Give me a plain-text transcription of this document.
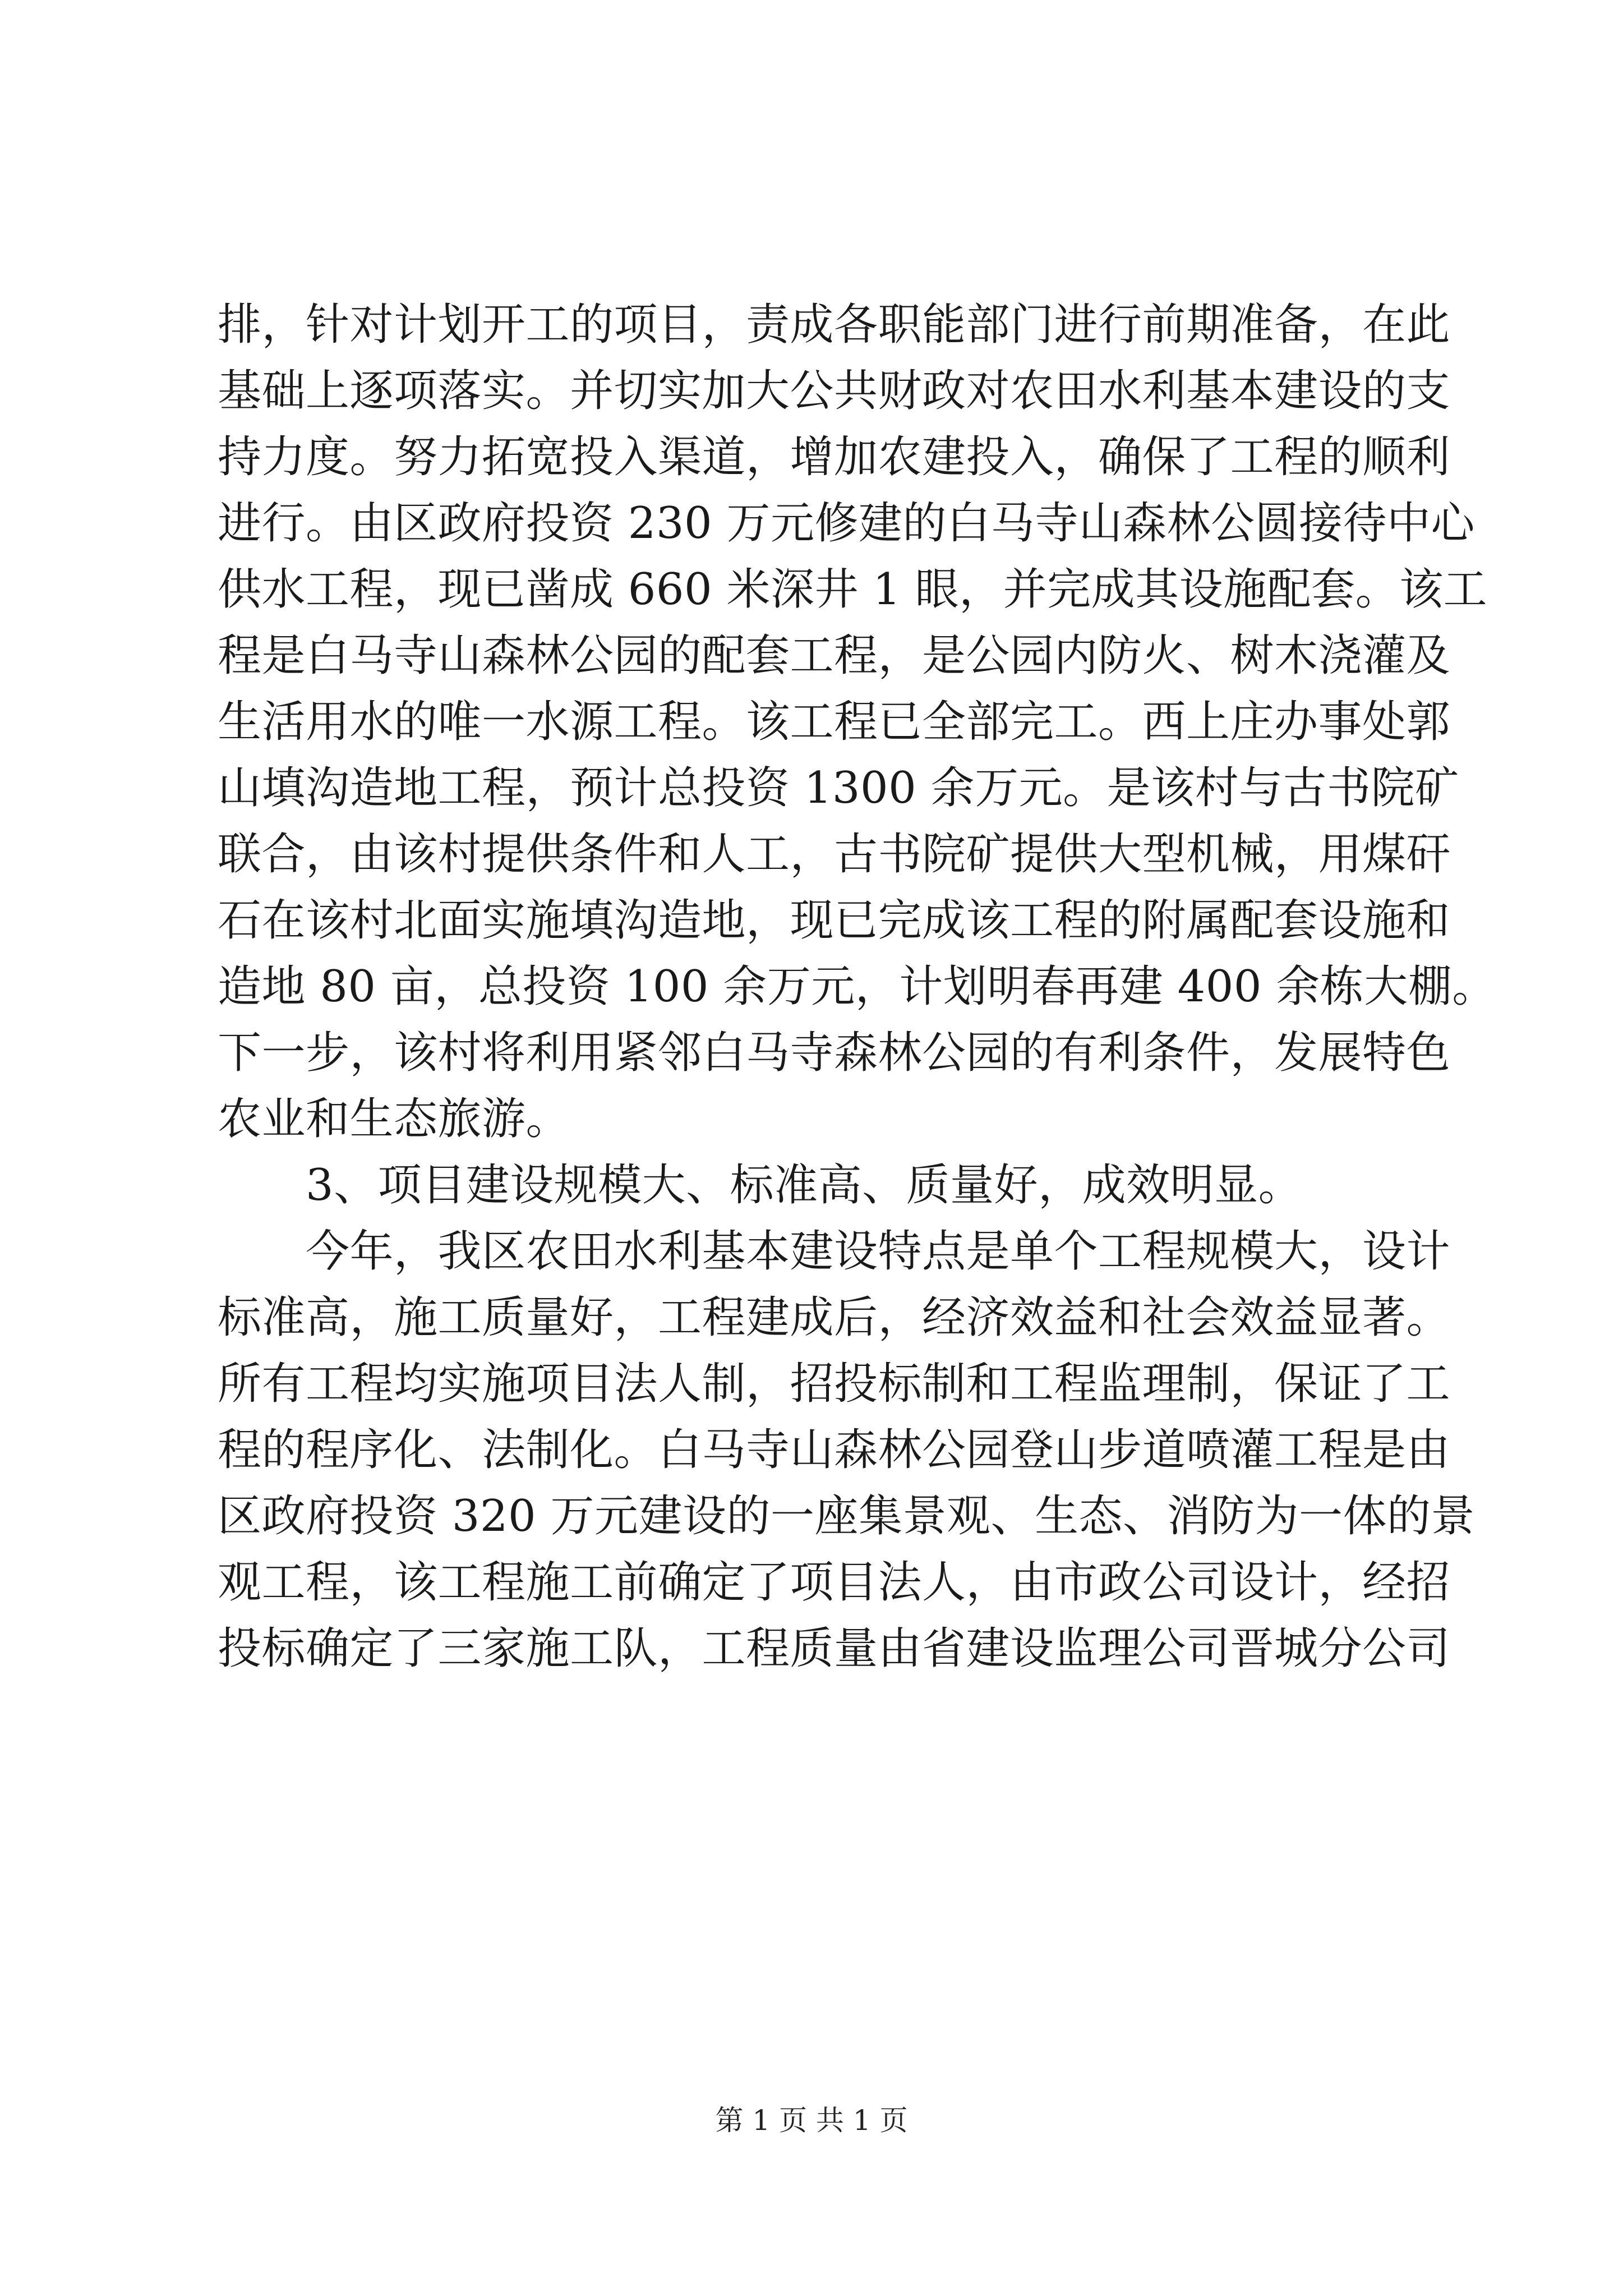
排，针对计划开工的项目，责成各职能部门进行前期准备，在此
基础上逐项落实。并切实加大公共财政对农田水利基本建设的支
持力度。努力拓宽投入渠道，增加农建投入，确保了工程的顺利
进行。由区政府投资 230 万元修建的白马寺山森林公圆接待中心
供水工程，现已凿成 660 米深井 1 眼，并完成其设施配套。该工
程是白马寺山森林公园的配套工程，是公园内防火、树木浇灌及
生活用水的唯一水源工程。该工程已全部完工。西上庄办事处郭
山填沟造地工程，预计总投资 1300 余万元。是该村与古书院矿
联合，由该村提供条件和人工，古书院矿提供大型机械，用煤矸
石在该村北面实施填沟造地，现已完成该工程的附属配套设施和
造地 80 亩，总投资 100 余万元，计划明春再建 400 余栋大棚。
下一步，该村将利用紧邻白马寺森林公园的有利条件，发展特色
农业和生态旅游。
　　3、项目建设规模大、标准高、质量好，成效明显。
　　今年，我区农田水利基本建设特点是单个工程规模大，设计
标准高，施工质量好，工程建成后，经济效益和社会效益显著。
所有工程均实施项目法人制，招投标制和工程监理制，保证了工
程的程序化、法制化。白马寺山森林公园登山步道喷灌工程是由
区政府投资 320 万元建设的一座集景观、生态、消防为一体的景
观工程，该工程施工前确定了项目法人，由市政公司设计，经招
投标确定了三家施工队，工程质量由省建设监理公司晋城分公司
第 1 页 共 1 页
